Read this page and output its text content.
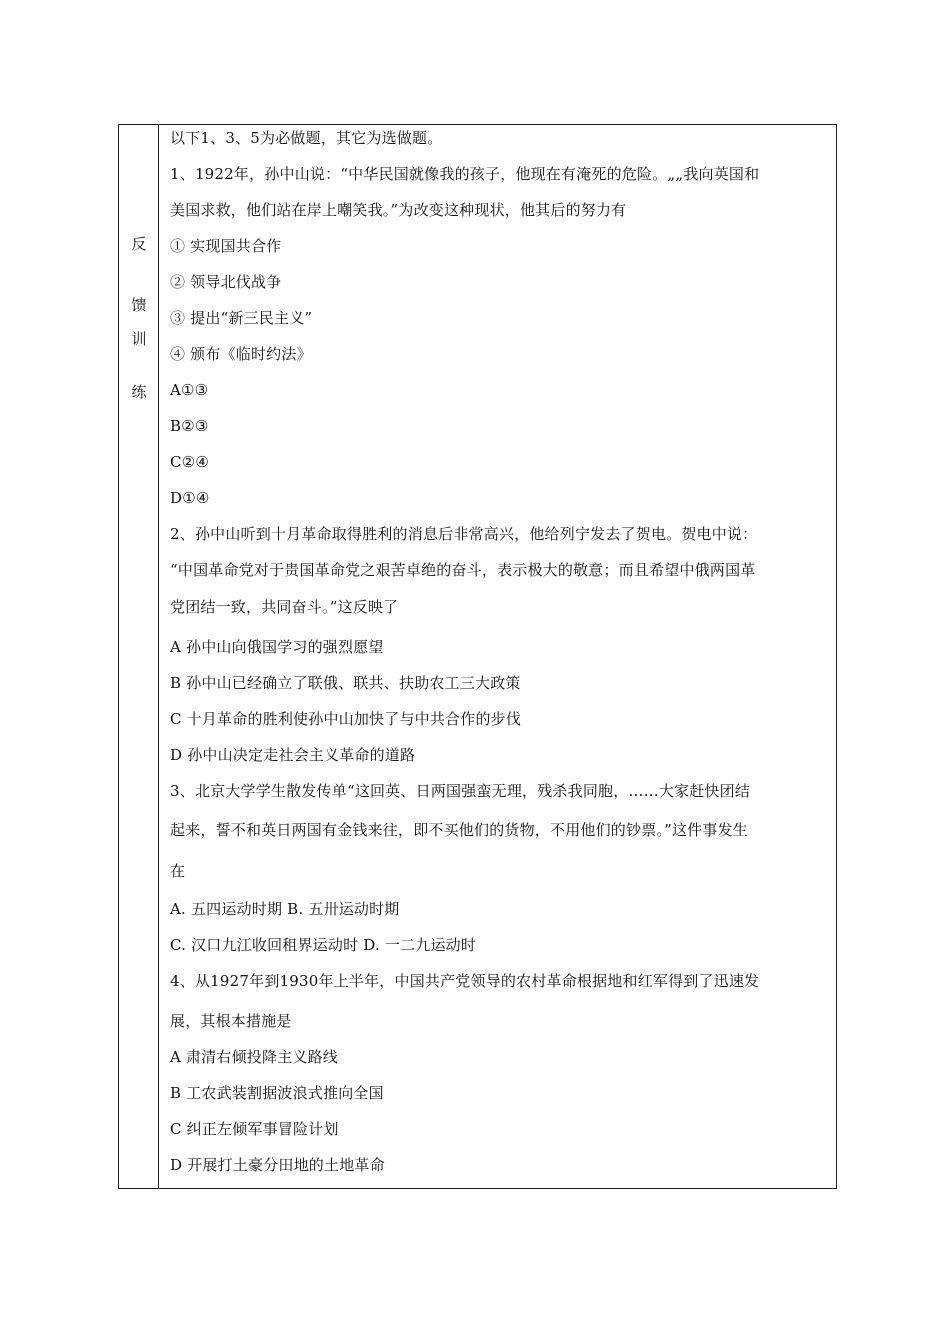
反
馈
训
练
以下1、3、5为必做题，其它为选做题。
1、1922年，孙中山说：“中华民国就像我的孩子，他现在有淹死的危险。„„我向英国和
美国求救，他们站在岸上嘲笑我。”为改变这种现状，他其后的努力有
① 实现国共合作
② 领导北伐战争
③ 提出“新三民主义”
④ 颁布《临时约法》
A①③
B②③
C②④
D①④
2、孙中山听到十月革命取得胜利的消息后非常高兴，他给列宁发去了贺电。贺电中说：
“中国革命党对于贵国革命党之艰苦卓绝的奋斗，表示极大的敬意；而且希望中俄两国革
党团结一致，共同奋斗。”这反映了
A 孙中山向俄国学习的强烈愿望
B 孙中山已经确立了联俄、联共、扶助农工三大政策
C 十月革命的胜利使孙中山加快了与中共合作的步伐
D 孙中山决定走社会主义革命的道路
3、北京大学学生散发传单“这回英、日两国强蛮无理，残杀我同胞，……大家赶快团结
起来，誓不和英日两国有金钱来往，即不买他们的货物，不用他们的钞票。”这件事发生
在
A. 五四运动时期 B. 五卅运动时期
C. 汉口九江收回租界运动时 D. 一二九运动时
4、从1927年到1930年上半年，中国共产党领导的农村革命根据地和红军得到了迅速发
展，其根本措施是
A 肃清右倾投降主义路线
B 工农武装割据波浪式推向全国
C 纠正左倾军事冒险计划
D 开展打土豪分田地的土地革命
